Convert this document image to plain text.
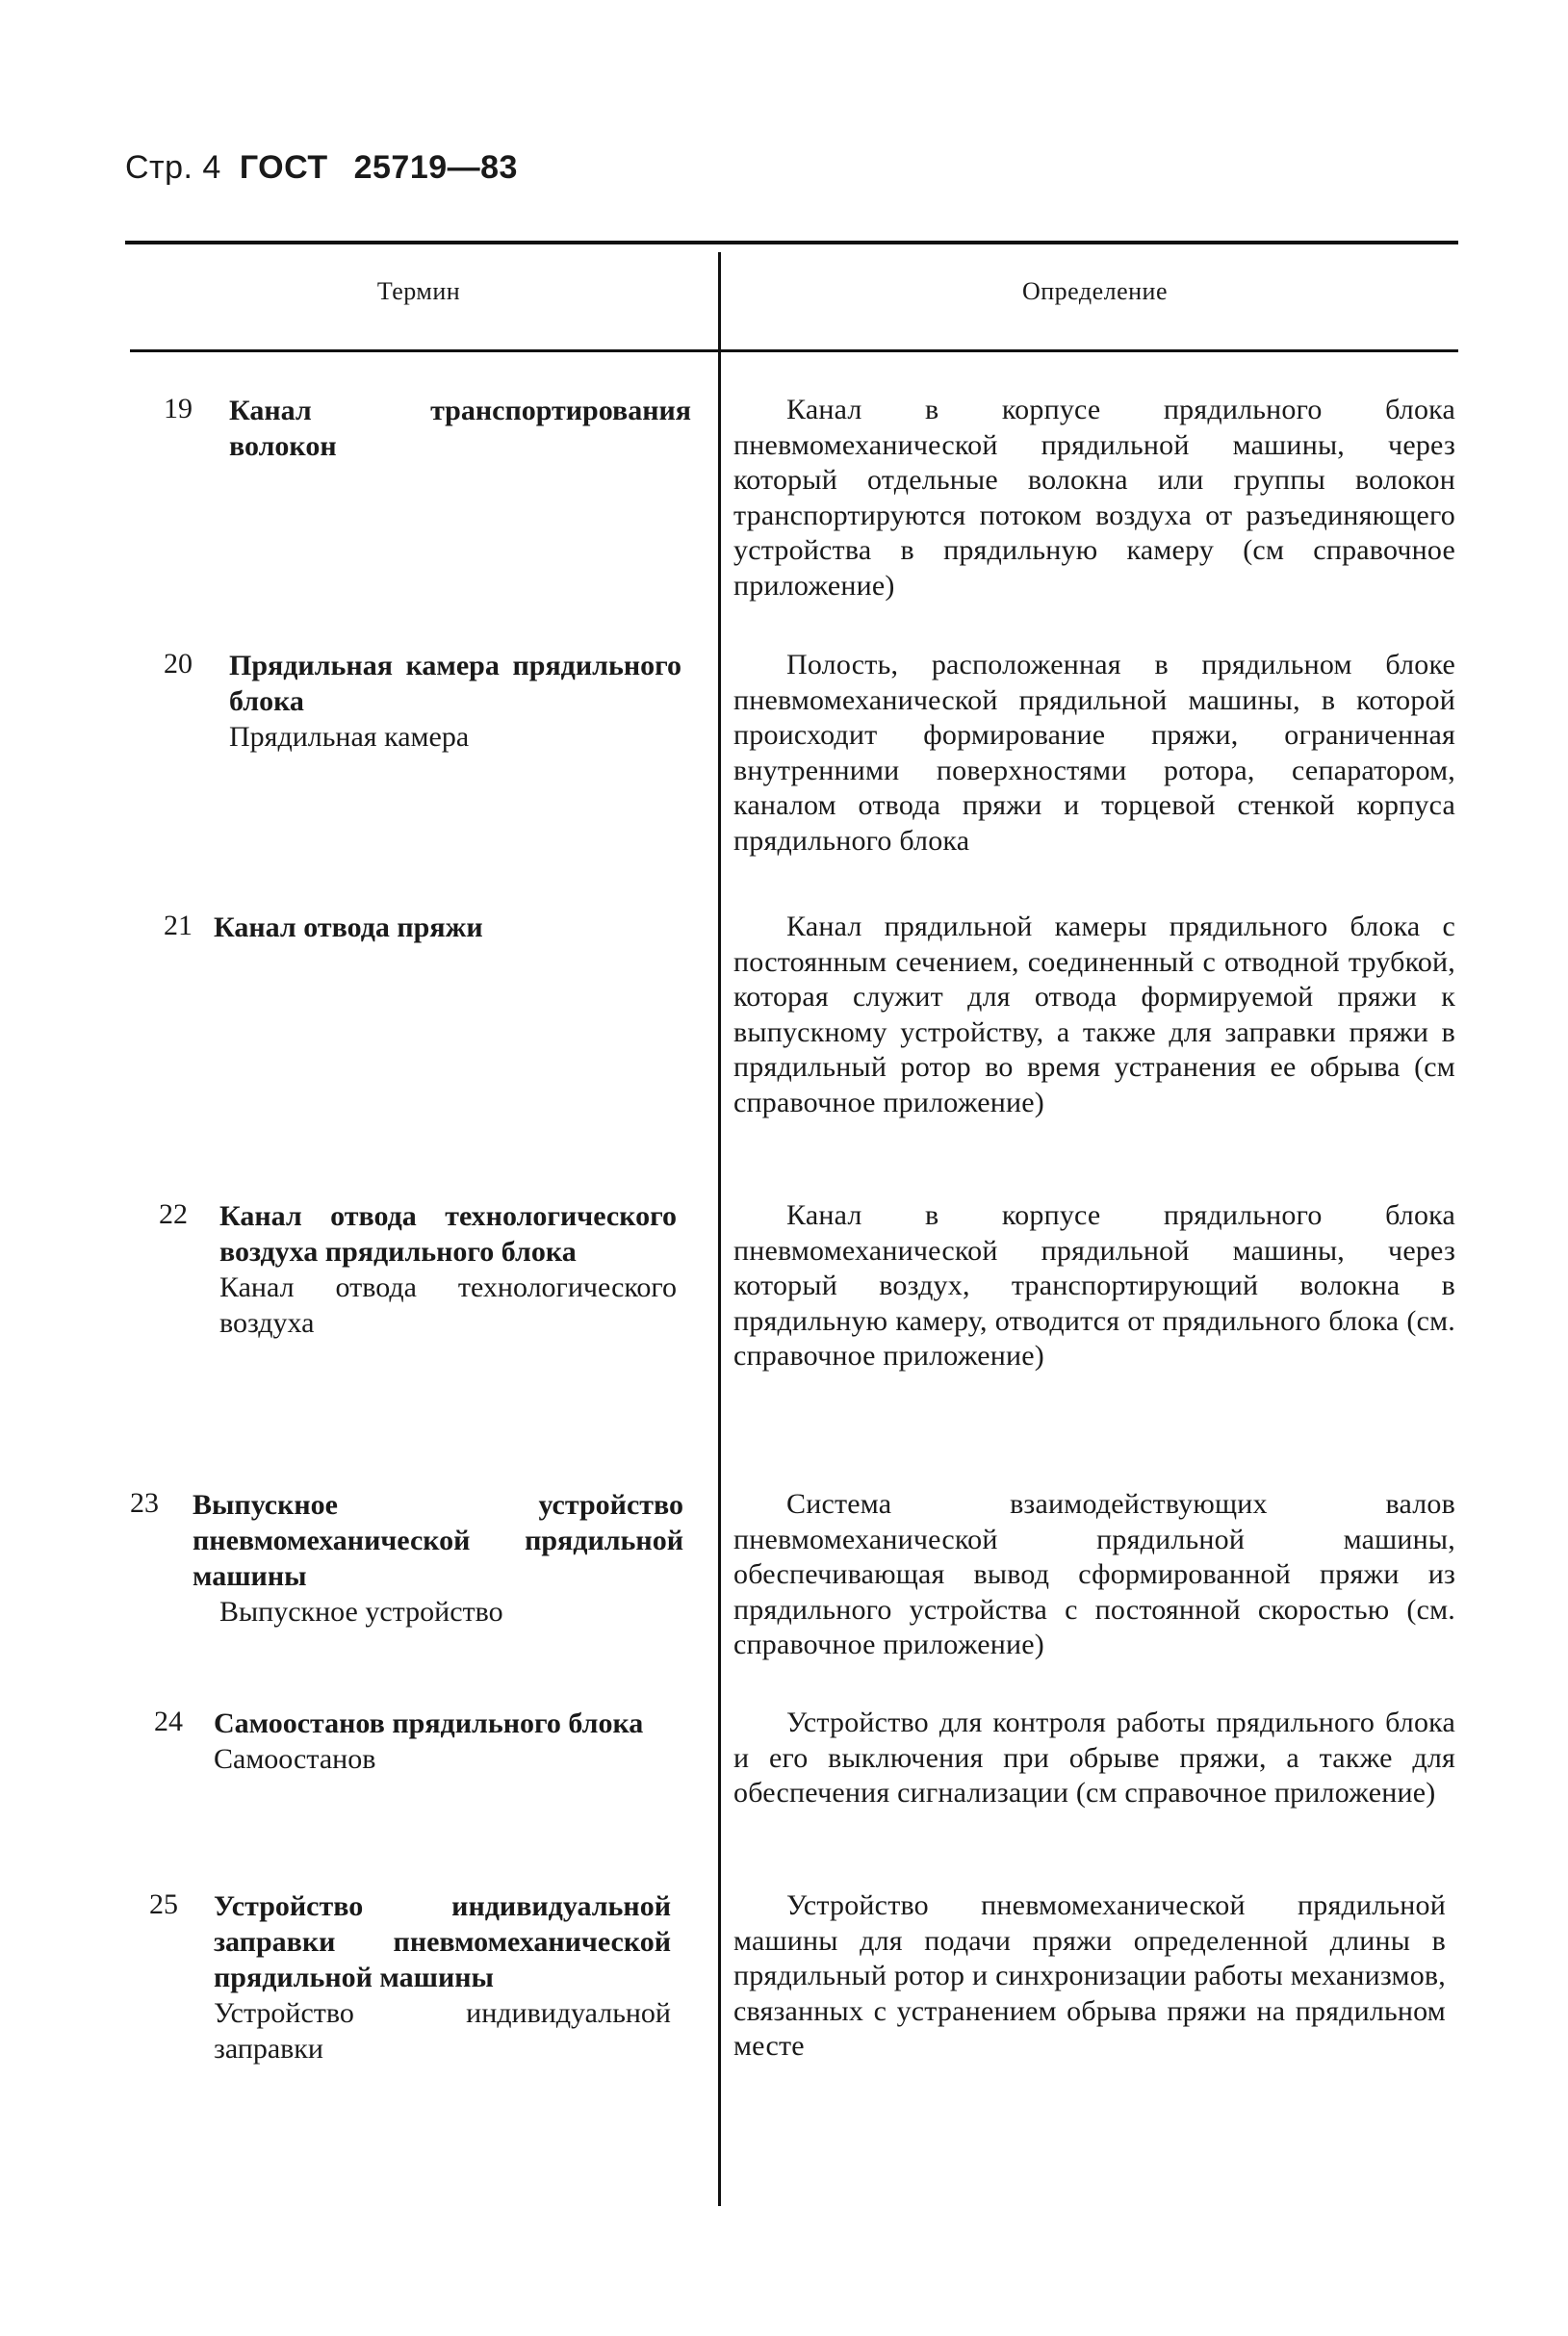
Стр. 4 ГОСТ 25719—83
Термин	Определение
19 Канал транспортирования волокон
Канал в корпусе прядильного блока пневмомеханической прядильной машины, через который отдельные волокна или группы волокон транспортируются потоком воздуха от разъединяющего устройства в прядильную камеру (см справочное приложение)
20 Прядильная камера прядильного блока
Прядильная камера
Полость, расположенная в прядильном блоке пневмомеханической прядильной машины, в которой происходит формирование пряжи, ограниченная внутренними поверхностями ротора, сепаратором, каналом отвода пряжи и торцевой стенкой корпуса прядильного блока
21 Канал отвода пряжи	Канал прядильной камеры прядильного блока с постоянным сечением, соединенный с отводной трубкой, которая служит для отвода формируемой пряжи к выпускному устройству, а также для заправки пряжи в прядильный ротор во время устранения ее обрыва (см справочное приложение)
22 Канал отвода технологического воздуха прядильного блока
Канал отвода технологического воздуха
Канал в корпусе прядильного блока пневмомеханической прядильной машины, через который воздух, транспортирующий волокна в прядильную камеру, отводится от прядильного блока (см. справочное приложение)
23 Выпускное устройство пневмомеханической прядильной машины
Выпускное устройство
Система взаимодействующих валов пневмомеханической прядильной машины, обеспечивающая вывод сформированной пряжи из прядильного устройства с постоянной скоростью (см. справочное приложение)
24 Самоостанов прядильного блока
Самоостанов
Устройство для контроля работы прядильного блока и его выключения при обрыве пряжи, а также для обеспечения сигнализации (см справочное приложение)
25 Устройство индивидуальной заправки пневмомеханической прядильной машины
Устройство индивидуальной заправки
Устройство пневмомеханической прядильной машины для подачи пряжи определенной длины в прядильный ротор и синхронизации работы механизмов, связанных с устранением обрыва пряжи на прядильном месте
